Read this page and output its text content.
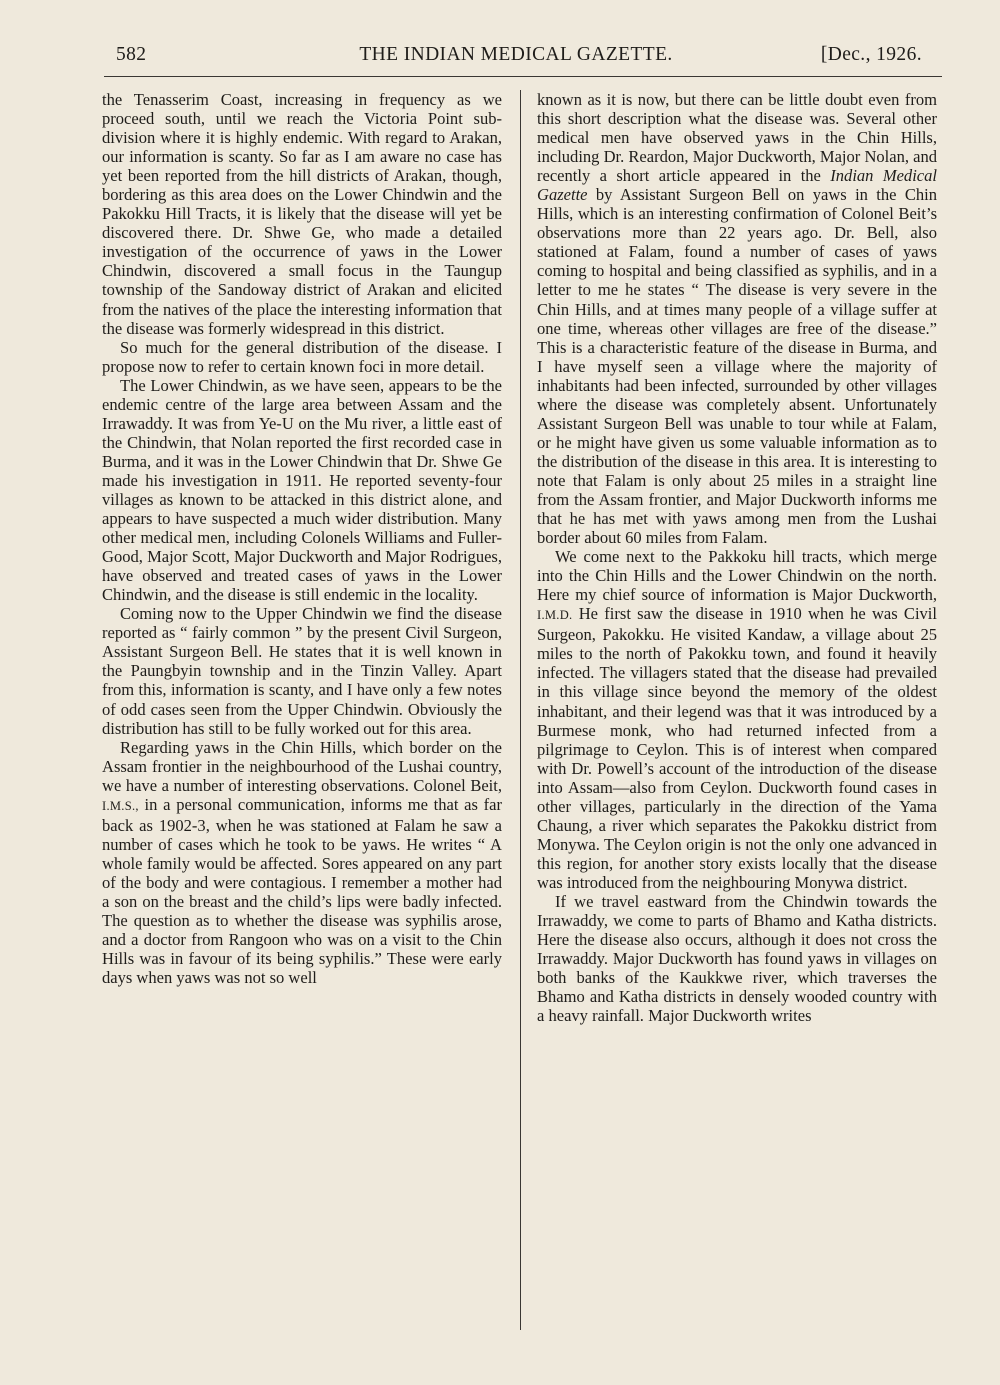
582	THE INDIAN MEDICAL GAZETTE.	[Dec., 1926.

the Tenasserim Coast, increasing in frequency as we proceed south, until we reach the Victoria Point sub-division where it is highly endemic. With regard to Arakan, our information is scanty. So far as I am aware no case has yet been reported from the hill districts of Arakan, though, bordering as this area does on the Lower Chindwin and the Pakokku Hill Tracts, it is likely that the disease will yet be discovered there. Dr. Shwe Ge, who made a detailed investigation of the occurrence of yaws in the Lower Chindwin, discovered a small focus in the Taungup township of the Sandoway district of Arakan and elicited from the natives of the place the interesting information that the disease was formerly widespread in this district.

So much for the general distribution of the disease. I propose now to refer to certain known foci in more detail.

The Lower Chindwin, as we have seen, appears to be the endemic centre of the large area between Assam and the Irrawaddy. It was from Ye-U on the Mu river, a little east of the Chindwin, that Nolan reported the first recorded case in Burma, and it was in the Lower Chindwin that Dr. Shwe Ge made his investigation in 1911. He reported seventy-four villages as known to be attacked in this district alone, and appears to have suspected a much wider distribution. Many other medical men, including Colonels Williams and Fuller-Good, Major Scott, Major Duckworth and Major Rodrigues, have observed and treated cases of yaws in the Lower Chindwin, and the disease is still endemic in the locality.

Coming now to the Upper Chindwin we find the disease reported as “ fairly common ” by the present Civil Surgeon, Assistant Surgeon Bell. He states that it is well known in the Paungbyin township and in the Tinzin Valley. Apart from this, information is scanty, and I have only a few notes of odd cases seen from the Upper Chindwin. Obviously the distribution has still to be fully worked out for this area.

Regarding yaws in the Chin Hills, which border on the Assam frontier in the neighbourhood of the Lushai country, we have a number of interesting observations. Colonel Beit, I.M.S., in a personal communication, informs me that as far back as 1902-3, when he was stationed at Falam he saw a number of cases which he took to be yaws. He writes “ A whole family would be affected. Sores appeared on any part of the body and were contagious. I remember a mother had a son on the breast and the child’s lips were badly infected. The question as to whether the disease was syphilis arose, and a doctor from Rangoon who was on a visit to the Chin Hills was in favour of its being syphilis.” These were early days when yaws was not so well

known as it is now, but there can be little doubt even from this short description what the disease was. Several other medical men have observed yaws in the Chin Hills, including Dr. Reardon, Major Duckworth, Major Nolan, and recently a short article appeared in the Indian Medical Gazette by Assistant Surgeon Bell on yaws in the Chin Hills, which is an interesting confirmation of Colonel Beit’s observations more than 22 years ago. Dr. Bell, also stationed at Falam, found a number of cases of yaws coming to hospital and being classified as syphilis, and in a letter to me he states “ The disease is very severe in the Chin Hills, and at times many people of a village suffer at one time, whereas other villages are free of the disease.” This is a characteristic feature of the disease in Burma, and I have myself seen a village where the majority of inhabitants had been infected, surrounded by other villages where the disease was completely absent. Unfortunately Assistant Surgeon Bell was unable to tour while at Falam, or he might have given us some valuable information as to the distribution of the disease in this area. It is interesting to note that Falam is only about 25 miles in a straight line from the Assam frontier, and Major Duckworth informs me that he has met with yaws among men from the Lushai border about 60 miles from Falam.

We come next to the Pakkoku hill tracts, which merge into the Chin Hills and the Lower Chindwin on the north. Here my chief source of information is Major Duckworth, I.M.D. He first saw the disease in 1910 when he was Civil Surgeon, Pakokku. He visited Kandaw, a village about 25 miles to the north of Pakokku town, and found it heavily infected. The villagers stated that the disease had prevailed in this village since beyond the memory of the oldest inhabitant, and their legend was that it was introduced by a Burmese monk, who had returned infected from a pilgrimage to Ceylon. This is of interest when compared with Dr. Powell’s account of the introduction of the disease into Assam—also from Ceylon. Duckworth found cases in other villages, particularly in the direction of the Yama Chaung, a river which separates the Pakokku district from Monywa. The Ceylon origin is not the only one advanced in this region, for another story exists locally that the disease was introduced from the neighbouring Monywa district.

If we travel eastward from the Chindwin towards the Irrawaddy, we come to parts of Bhamo and Katha districts. Here the disease also occurs, although it does not cross the Irrawaddy. Major Duckworth has found yaws in villages on both banks of the Kaukkwe river, which traverses the Bhamo and Katha districts in densely wooded country with a heavy rainfall. Major Duckworth writes
